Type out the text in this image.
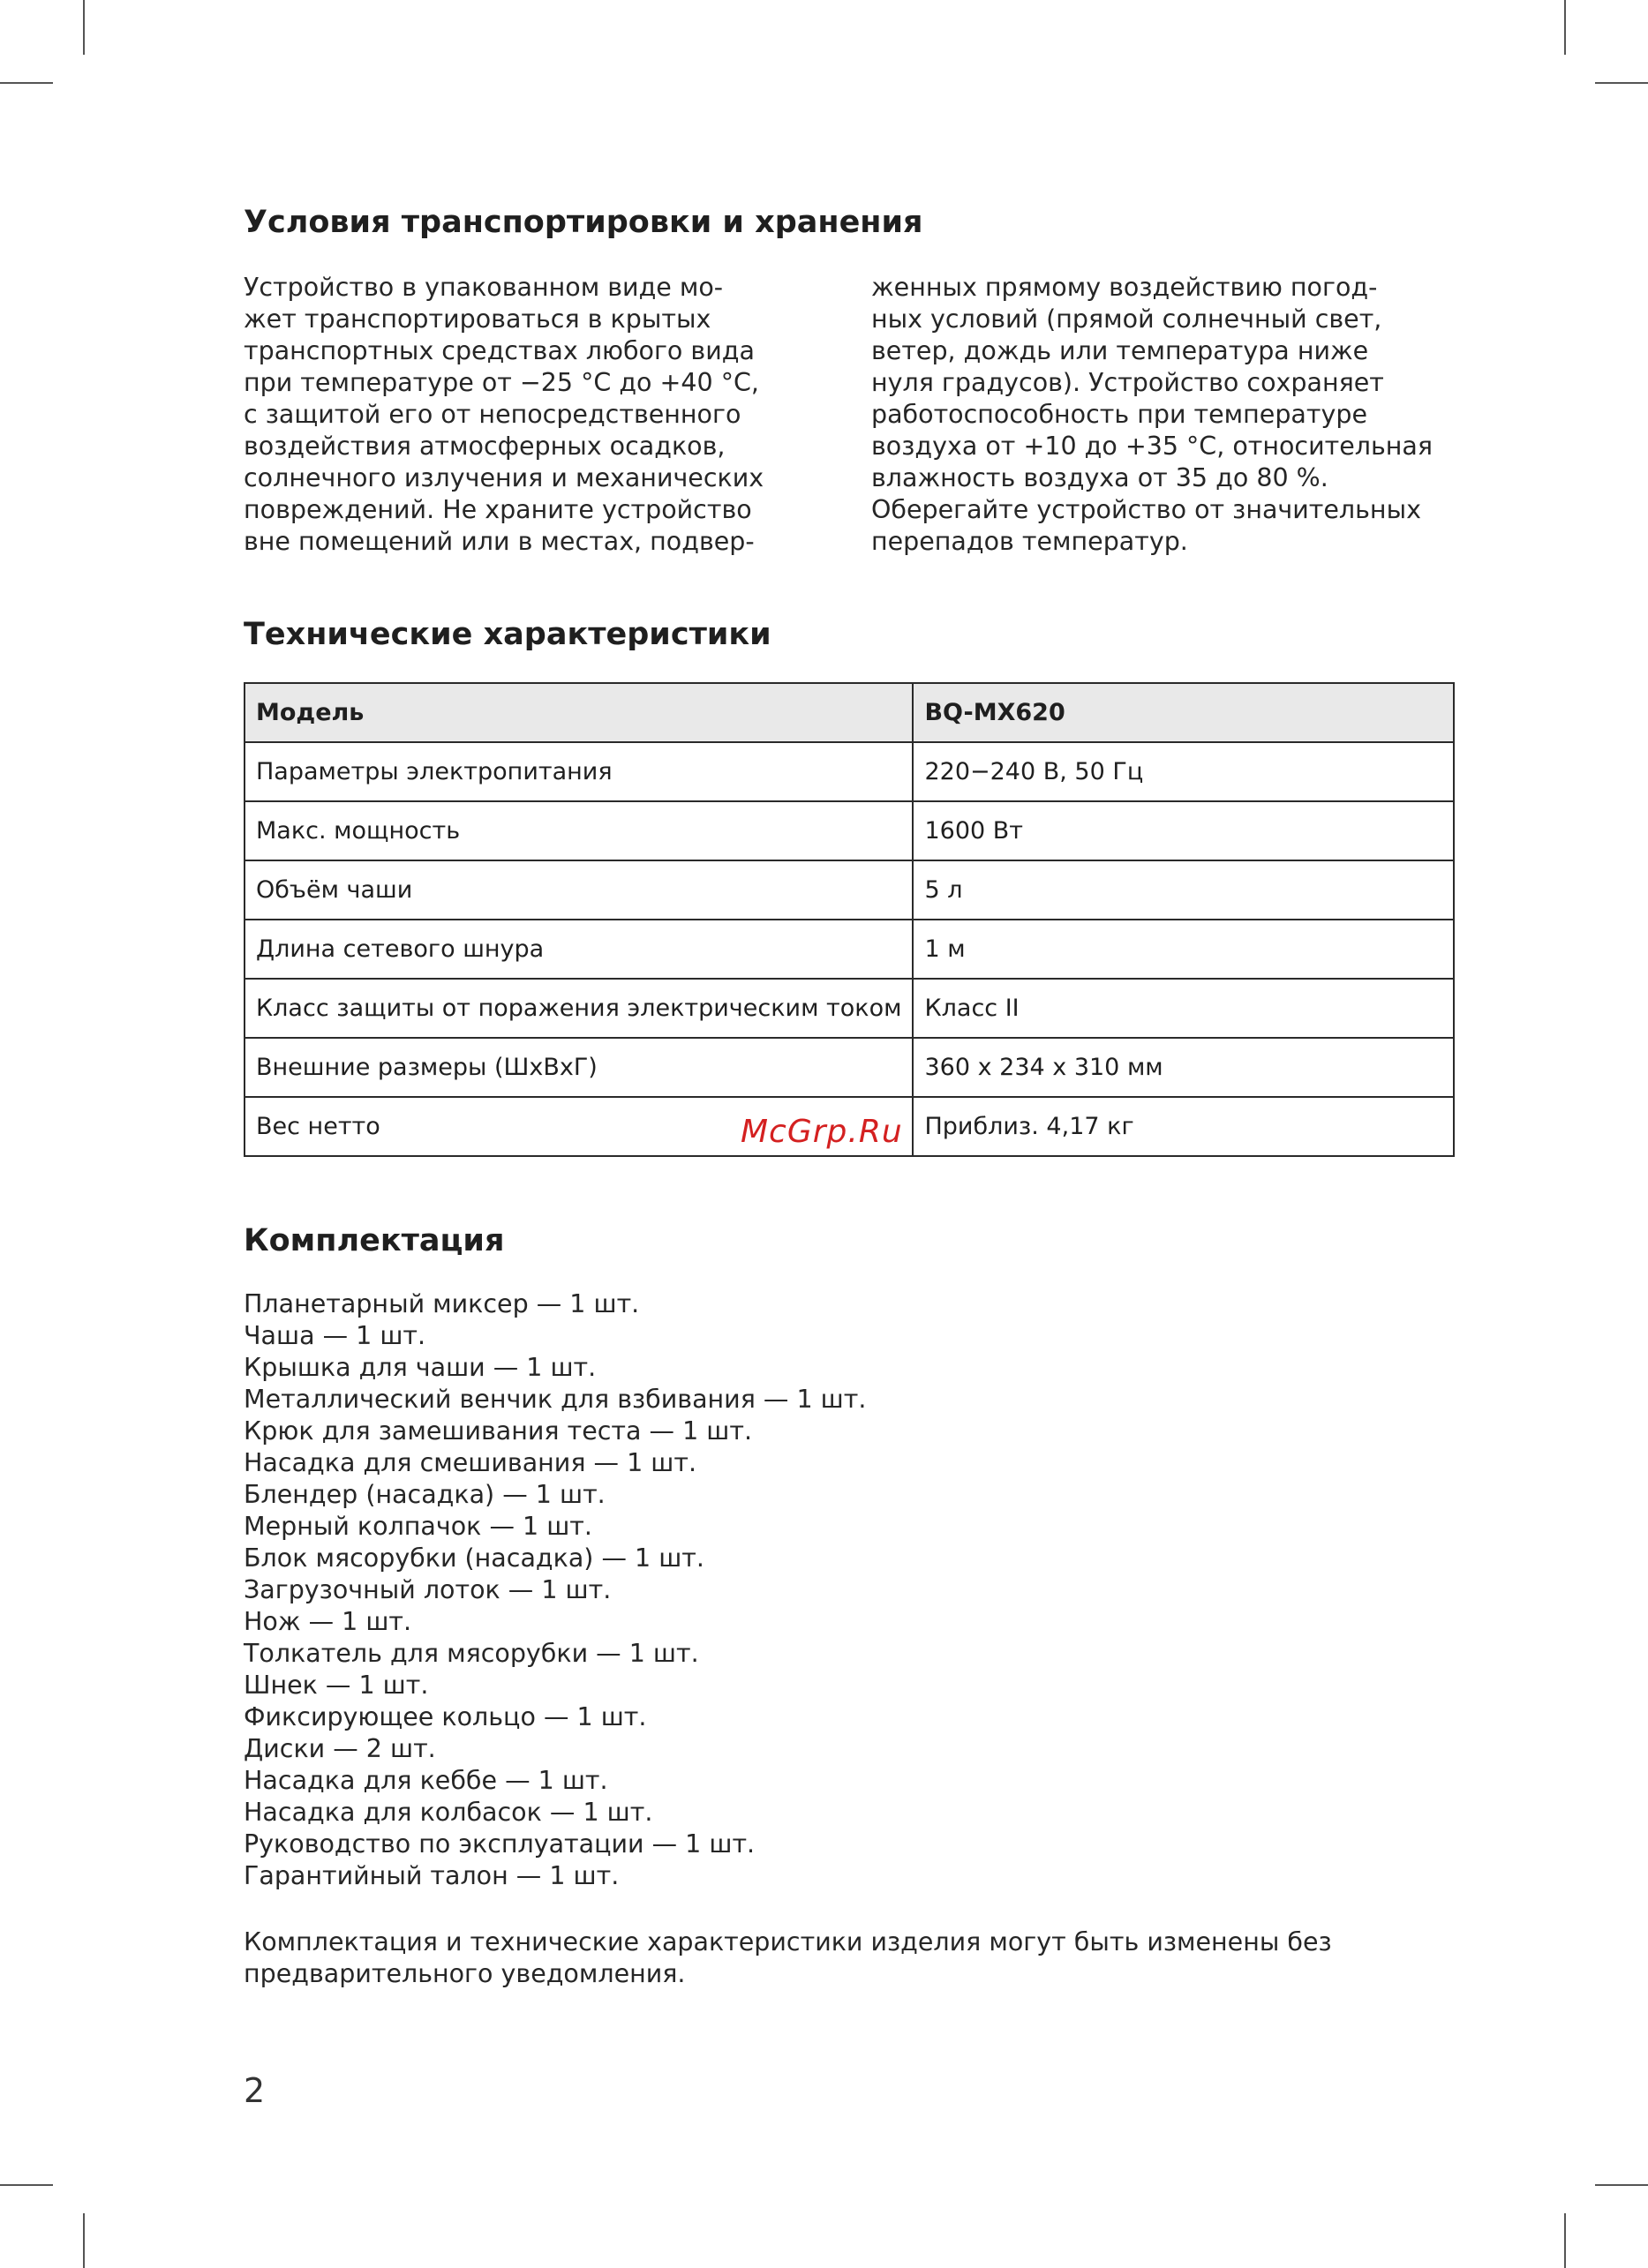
Условия транспортировки и хранения
Устройство в упакованном виде мо-
жет транспортироваться в крытых
транспортных средствах любого вида
при температуре от −25 °C до +40 °C,
с защитой его от непосредственного
воздействия атмосферных осадков,
солнечного излучения и механических
повреждений. Не храните устройство
вне помещений или в местах, подвер-
женных прямому воздействию погод-
ных условий (прямой солнечный свет,
ветер, дождь или температура ниже
нуля градусов). Устройство сохраняет
работоспособность при температуре
воздуха от +10 до +35 °C, относительная
влажность воздуха от 35 до 80 %.
Оберегайте устройство от значительных
перепадов температур.
Технические характеристики
Модель	BQ-MX620
Параметры электропитания	220−240 В, 50 Гц
Макс. мощность	1600 Вт
Объём чаши	5 л
Длина сетевого шнура	1 м
Класс защиты от поражения электрическим током	Класс II
Внешние размеры (ШхВхГ)	360 x 234 x 310 мм
Вес нетто	Приблиз. 4,17 кг
Комплектация
Планетарный миксер — 1 шт.
Чаша — 1 шт.
Крышка для чаши — 1 шт.
Металлический венчик для взбивания — 1 шт.
Крюк для замешивания теста — 1 шт.
Насадка для смешивания — 1 шт.
Блендер (насадка) — 1 шт.
Мерный колпачок — 1 шт.
Блок мясорубки (насадка) — 1 шт.
Загрузочный лоток — 1 шт.
Нож — 1 шт.
Толкатель для мясорубки — 1 шт.
Шнек — 1 шт.
Фиксирующее кольцо — 1 шт.
Диски — 2 шт.
Насадка для кеббе — 1 шт.
Насадка для колбасок — 1 шт.
Руководство по эксплуатации — 1 шт.
Гарантийный талон — 1 шт.
Комплектация и технические характеристики изделия могут быть изменены без
предварительного уведомления.
2
McGrp.Ru
